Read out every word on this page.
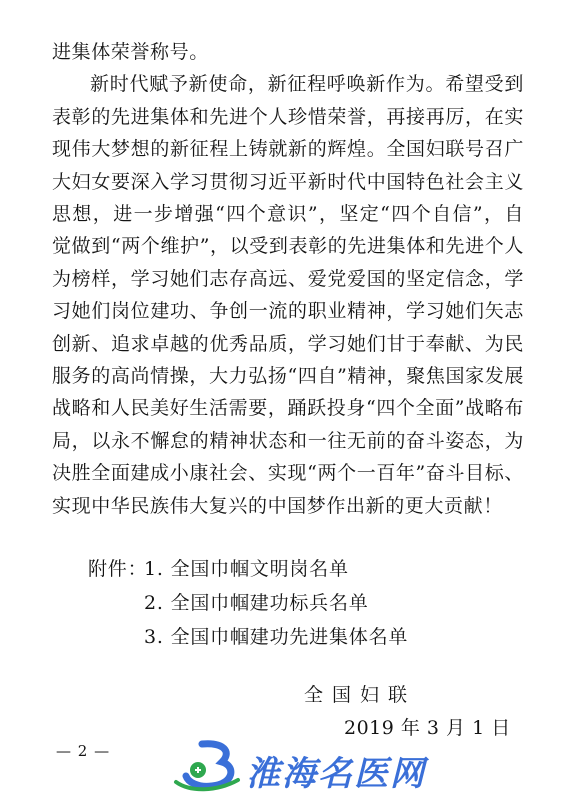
进集体荣誉称号。

新时代赋予新使命，新征程呼唤新作为。希望受到表彰的先进集体和先进个人珍惜荣誉，再接再厉，在实现伟大梦想的新征程上铸就新的辉煌。全国妇联号召广大妇女要深入学习贯彻习近平新时代中国特色社会主义思想，进一步增强“四个意识”，坚定“四个自信”，自觉做到“两个维护”，以受到表彰的先进集体和先进个人为榜样，学习她们志存高远、爱党爱国的坚定信念，学习她们岗位建功、争创一流的职业精神，学习她们矢志创新、追求卓越的优秀品质，学习她们甘于奉献、为民服务的高尚情操，大力弘扬“四自”精神，聚焦国家发展战略和人民美好生活需要，踊跃投身“四个全面”战略布局，以永不懈怠的精神状态和一往无前的奋斗姿态，为决胜全面建成小康社会、实现“两个一百年”奋斗目标、实现中华民族伟大复兴的中国梦作出新的更大贡献！

附件：1. 全国巾帼文明岗名单
2. 全国巾帼建功标兵名单
3. 全国巾帼建功先进集体名单
全国妇联
2019 年 3 月 1 日
— 2 —
淮海名医网
